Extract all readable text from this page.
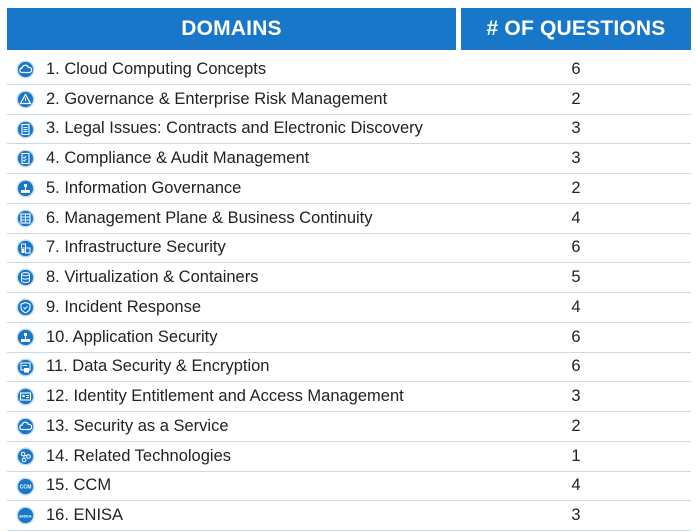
DOMAINS	# OF QUESTIONS
1. Cloud Computing Concepts	6
2. Governance & Enterprise Risk Management	2
3. Legal Issues: Contracts and Electronic Discovery	3
4. Compliance & Audit Management	3
5. Information Governance	2
6. Management Plane & Business Continuity	4
7. Infrastructure Security	6
8. Virtualization & Containers	5
9. Incident Response	4
10. Application Security	6
11. Data Security & Encryption	6
12. Identity Entitlement and Access Management	3
13. Security as a Service	2
14. Related Technologies	1
CCM 15. CCM	4
ENISA 16. ENISA	3
